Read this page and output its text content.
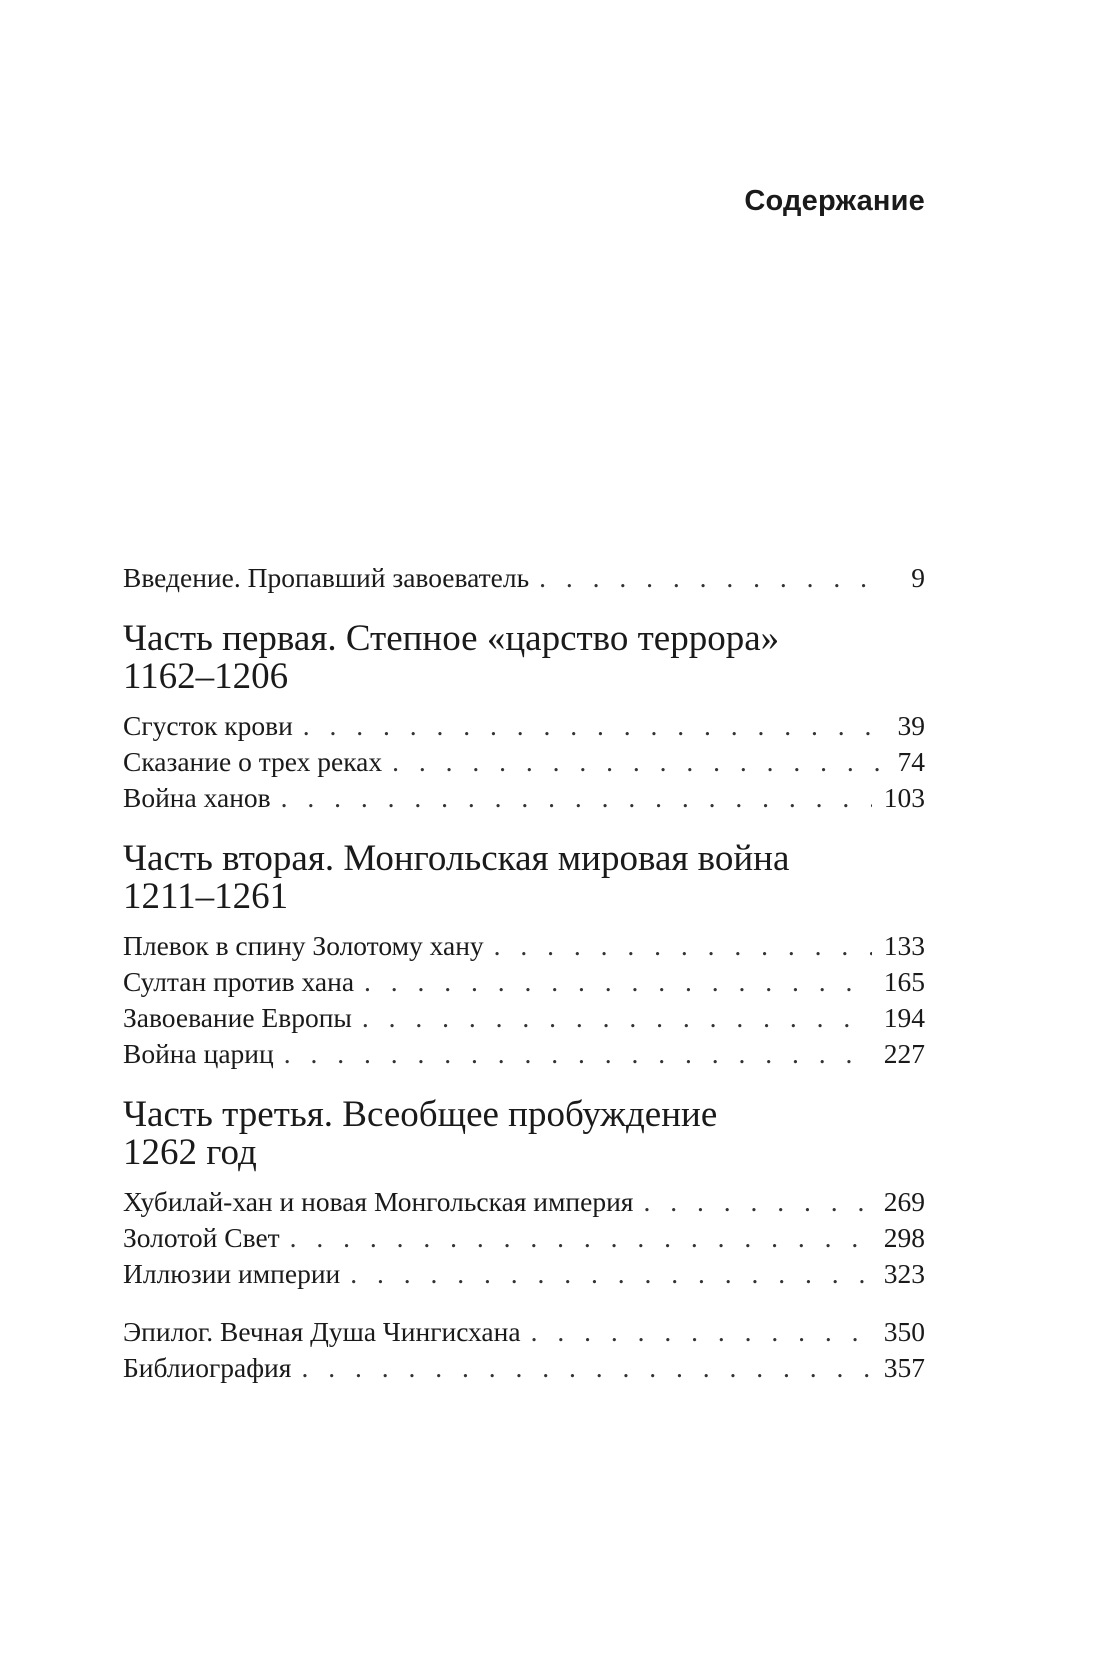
Содержание
Введение. Пропавший завоеватель . . .	9
Часть первая. Степное «царство террора»
1162–1206
Сгусток крови . . .	39
Сказание о трех реках . . .	74
Война ханов . . .	103
Часть вторая. Монгольская мировая война
1211–1261
Плевок в спину Золотому хану . . .	133
Султан против хана . . .	165
Завоевание Европы . . .	194
Война цариц . . .	227
Часть третья. Всеобщее пробуждение
1262 год
Хубилай-хан и новая Монгольская империя . . .	269
Золотой Свет . . .	298
Иллюзии империи . . .	323
Эпилог. Вечная Душа Чингисхана . . .	350
Библиография . . .	357
